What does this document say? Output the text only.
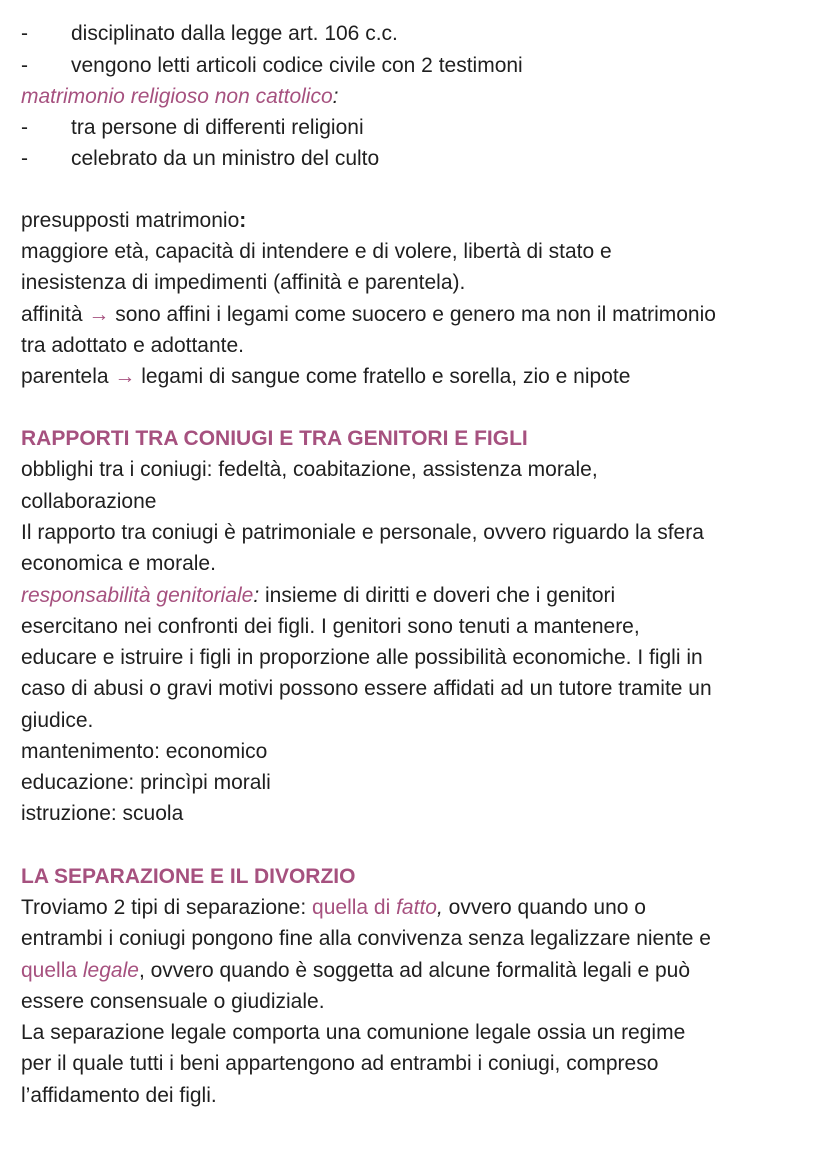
- disciplinato dalla legge art. 106 c.c.
- vengono letti articoli codice civile con 2 testimoni
matrimonio religioso non cattolico:
- tra persone di differenti religioni
- celebrato da un ministro del culto
presupposti matrimonio:
maggiore età, capacità di intendere e di volere, libertà di stato e
inesistenza di impedimenti (affinità e parentela).
affinità → sono affini i legami come suocero e genero ma non il matrimonio
tra adottato e adottante.
parentela → legami di sangue come fratello e sorella, zio e nipote
RAPPORTI TRA CONIUGI E TRA GENITORI E FIGLI
obblighi tra i coniugi: fedeltà, coabitazione, assistenza morale,
collaborazione
Il rapporto tra coniugi è patrimoniale e personale, ovvero riguardo la sfera
economica e morale.
responsabilità genitoriale: insieme di diritti e doveri che i genitori
esercitano nei confronti dei figli. I genitori sono tenuti a mantenere,
educare e istruire i figli in proporzione alle possibilità economiche. I figli in
caso di abusi o gravi motivi possono essere affidati ad un tutore tramite un
giudice.
mantenimento: economico
educazione: princìpi morali
istruzione: scuola
LA SEPARAZIONE E IL DIVORZIO
Troviamo 2 tipi di separazione: quella di fatto, ovvero quando uno o
entrambi i coniugi pongono fine alla convivenza senza legalizzare niente e
quella legale, ovvero quando è soggetta ad alcune formalità legali e può
essere consensuale o giudiziale.
La separazione legale comporta una comunione legale ossia un regime
per il quale tutti i beni appartengono ad entrambi i coniugi, compreso
l’affidamento dei figli.
